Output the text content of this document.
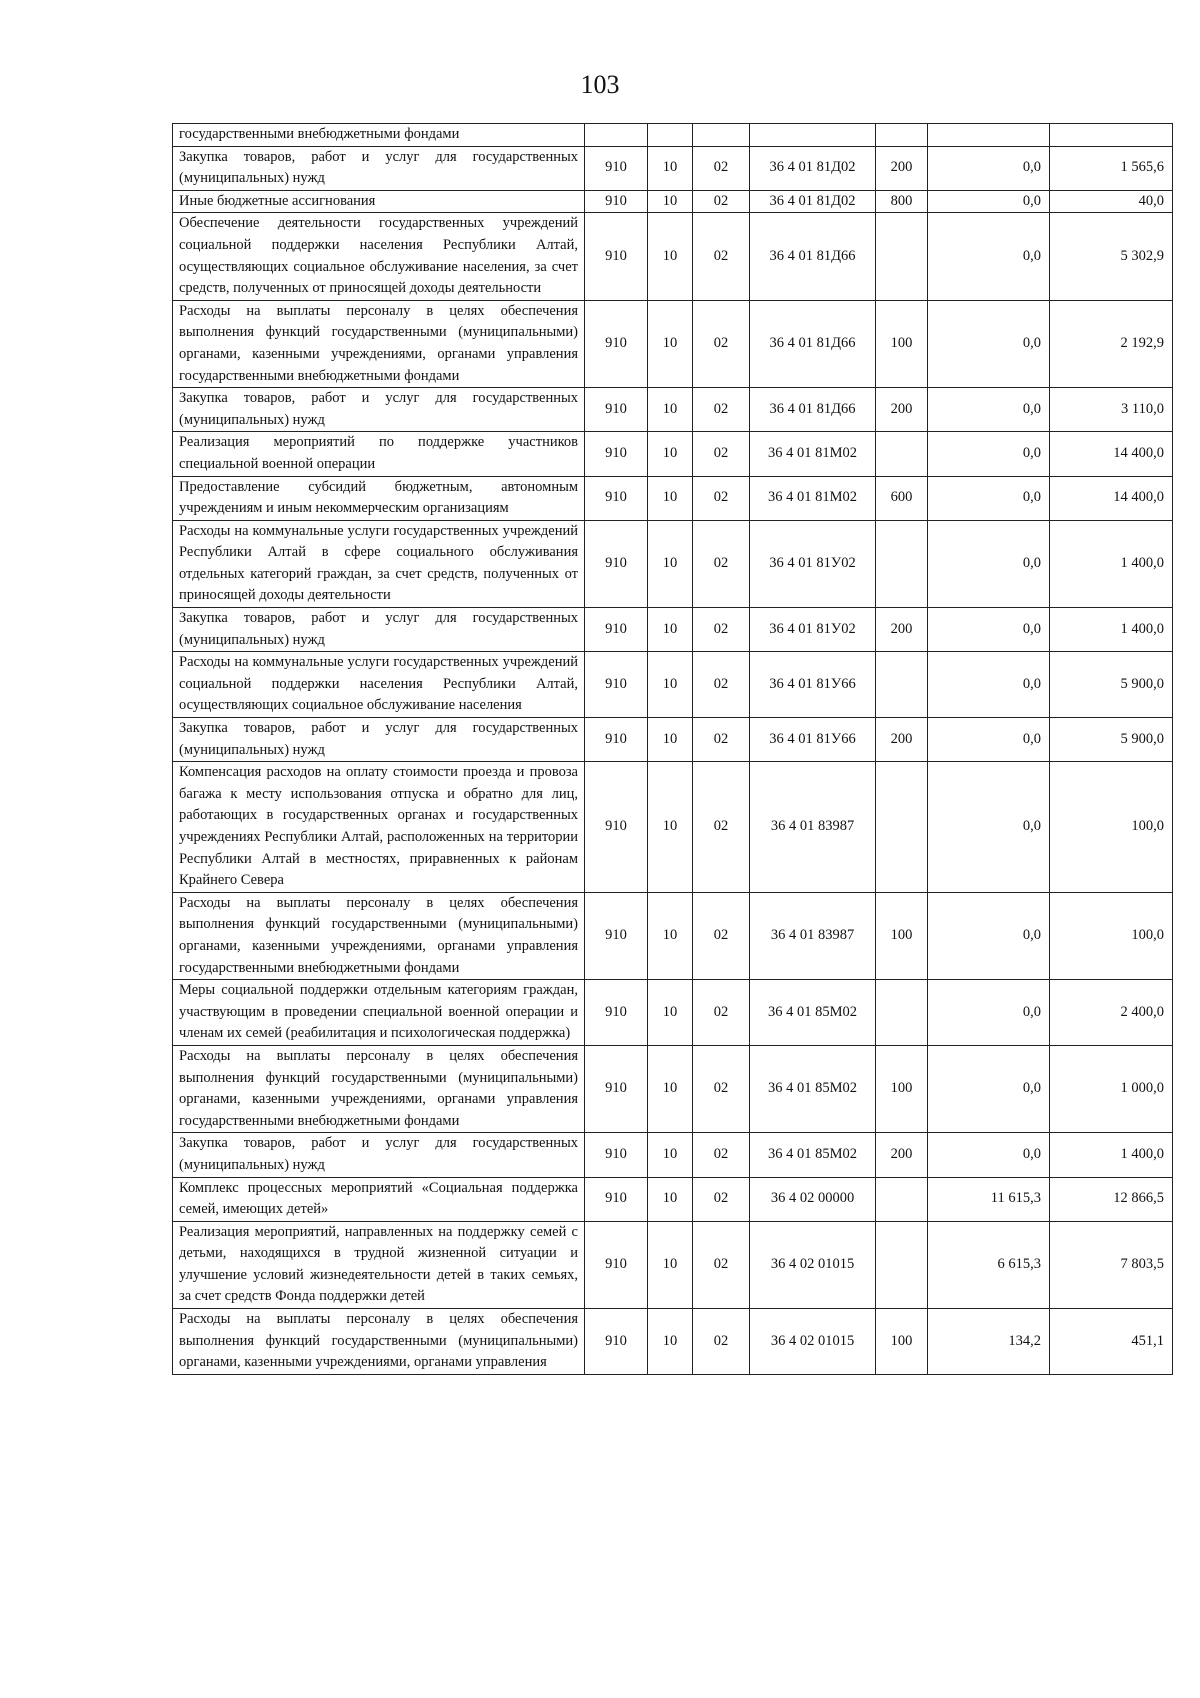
103
государственными внебюджетными фондами							
Закупка товаров, работ и услуг для государственных (муниципальных) нужд	910	10	02	36 4 01 81Д02	200	0,0	1 565,6
Иные бюджетные ассигнования	910	10	02	36 4 01 81Д02	800	0,0	40,0
Обеспечение деятельности государственных учреждений социальной поддержки населения Республики Алтай, осуществляющих социальное обслуживание населения, за счет средств, полученных от приносящей доходы деятельности	910	10	02	36 4 01 81Д66		0,0	5 302,9
Расходы на выплаты персоналу в целях обеспечения выполнения функций государственными (муниципальными) органами, казенными учреждениями, органами управления государственными внебюджетными фондами	910	10	02	36 4 01 81Д66	100	0,0	2 192,9
Закупка товаров, работ и услуг для государственных (муниципальных) нужд	910	10	02	36 4 01 81Д66	200	0,0	3 110,0
Реализация мероприятий по поддержке участников специальной военной операции	910	10	02	36 4 01 81М02		0,0	14 400,0
Предоставление субсидий бюджетным, автономным учреждениям и иным некоммерческим организациям	910	10	02	36 4 01 81М02	600	0,0	14 400,0
Расходы на коммунальные услуги государственных учреждений Республики Алтай в сфере социального обслуживания отдельных категорий граждан, за счет средств, полученных от приносящей доходы деятельности	910	10	02	36 4 01 81У02		0,0	1 400,0
Закупка товаров, работ и услуг для государственных (муниципальных) нужд	910	10	02	36 4 01 81У02	200	0,0	1 400,0
Расходы на коммунальные услуги государственных учреждений социальной поддержки населения Республики Алтай, осуществляющих социальное обслуживание населения	910	10	02	36 4 01 81У66		0,0	5 900,0
Закупка товаров, работ и услуг для государственных (муниципальных) нужд	910	10	02	36 4 01 81У66	200	0,0	5 900,0
Компенсация расходов на оплату стоимости проезда и провоза багажа к месту использования отпуска и обратно для лиц, работающих в государственных органах и государственных учреждениях Республики Алтай, расположенных на территории Республики Алтай в местностях, приравненных к районам Крайнего Севера	910	10	02	36 4 01 83987		0,0	100,0
Расходы на выплаты персоналу в целях обеспечения выполнения функций государственными (муниципальными) органами, казенными учреждениями, органами управления государственными внебюджетными фондами	910	10	02	36 4 01 83987	100	0,0	100,0
Меры социальной поддержки отдельным категориям граждан, участвующим в проведении специальной военной операции и членам их семей (реабилитация и психологическая поддержка)	910	10	02	36 4 01 85М02		0,0	2 400,0
Расходы на выплаты персоналу в целях обеспечения выполнения функций государственными (муниципальными) органами, казенными учреждениями, органами управления государственными внебюджетными фондами	910	10	02	36 4 01 85М02	100	0,0	1 000,0
Закупка товаров, работ и услуг для государственных (муниципальных) нужд	910	10	02	36 4 01 85М02	200	0,0	1 400,0
Комплекс процессных мероприятий «Социальная поддержка семей, имеющих детей»	910	10	02	36 4 02 00000		11 615,3	12 866,5
Реализация мероприятий, направленных на поддержку семей с детьми, находящихся в трудной жизненной ситуации и улучшение условий жизнедеятельности детей в таких семьях, за счет средств Фонда поддержки детей	910	10	02	36 4 02 01015		6 615,3	7 803,5
Расходы на выплаты персоналу в целях обеспечения выполнения функций государственными (муниципальными) органами, казенными учреждениями, органами управления	910	10	02	36 4 02 01015	100	134,2	451,1
